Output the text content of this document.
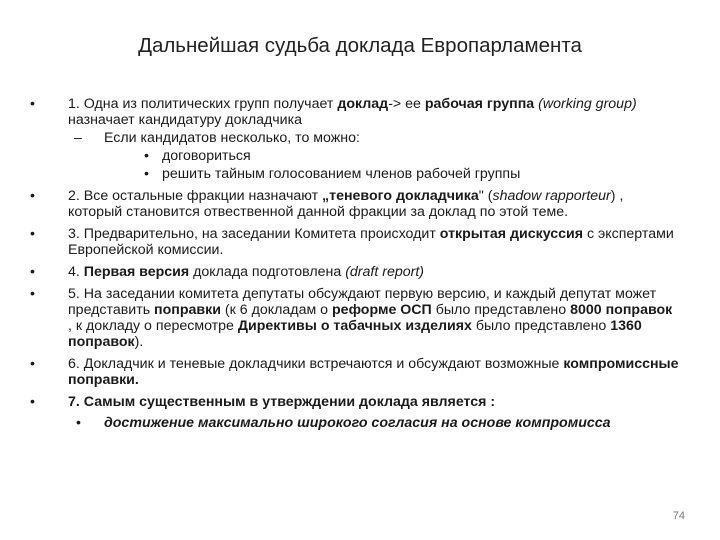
Дальнейшая судьба доклада Европарламента
• 1. Одна из политических групп получает доклад-> ее рабочая группа (working group) назначает кандидатуру докладчика
– Если кандидатов несколько, то можно:
• договориться
• решить тайным голосованием членов рабочей группы
• 2. Все остальные фракции назначают „теневого докладчика" (shadow rapporteur) , который становится отвественной данной фракции за доклад по этой теме.
• 3. Предварительно, на заседании Комитета происходит открытая дискуссия с экспертами Европейской комиссии.
• 4. Первая версия доклада подготовлена (draft report)
• 5. На заседании комитета депутаты обсуждают первую версию, и каждый депутат может представить поправки (к 6 докладам о реформе ОСП было представлено 8000 поправок , к докладу о пересмотре Директивы о табачных изделиях было представлено 1360 поправок).
• 6. Докладчик и теневые докладчики встречаются и обсуждают возможные компромиссные поправки.
• 7. Самым существенным в утверждении доклада является :
• достижение максимально широкого согласия на основе компромисса
74
